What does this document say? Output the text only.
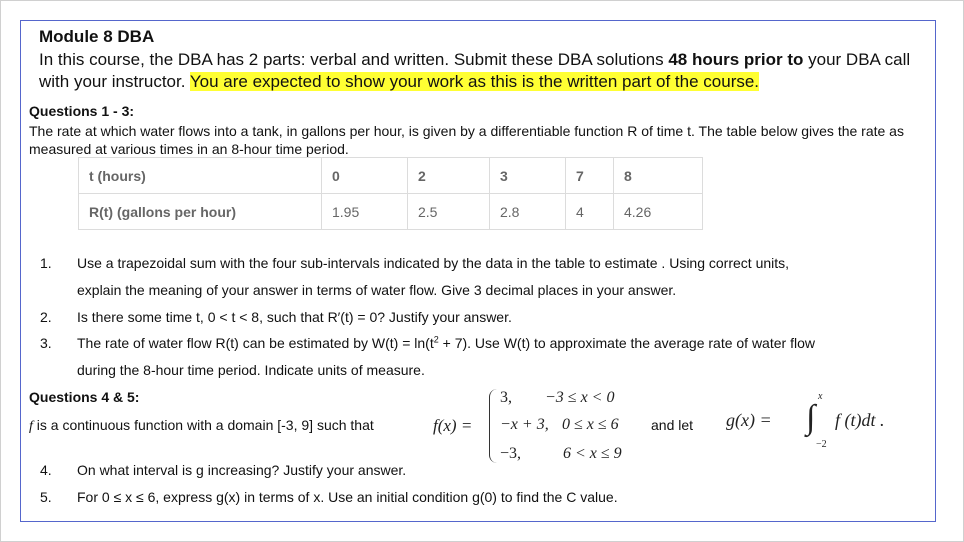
Module 8 DBA
In this course, the DBA has 2 parts: verbal and written. Submit these DBA solutions 48 hours prior to your DBA call with your instructor. You are expected to show your work as this is the written part of the course.
Questions 1 - 3:
The rate at which water flows into a tank, in gallons per hour, is given by a differentiable function R of time t. The table below gives the rate as measured at various times in an 8-hour time period.
t (hours)	0	2	3	7	8
R(t) (gallons per hour)	1.95	2.5	2.8	4	4.26
1. Use a trapezoidal sum with the four sub-intervals indicated by the data in the table to estimate . Using correct units,
explain the meaning of your answer in terms of water flow. Give 3 decimal places in your answer.
2. Is there some time t, 0 < t < 8, such that R′(t) = 0? Justify your answer.
3. The rate of water flow R(t) can be estimated by $W(t) = \ln(t^2 + 7)$. Use W(t) to approximate the average rate of water flow
during the 8-hour time period. Indicate units of measure.
Questions 4 & 5:
f is a continuous function with a domain [-3, 9] such that	f(x) =
3, −3 ≤ x < 0
−x + 3, 0 ≤ x ≤ 6
−3,	6 < x ≤ 9
and let	g(x) =
x
∫
−2
f (t)dt .
4. On what interval is g increasing? Justify your answer.
5. For 0 ≤ x ≤ 6, express g(x) in terms of x. Use an initial condition g(0) to find the C value.
